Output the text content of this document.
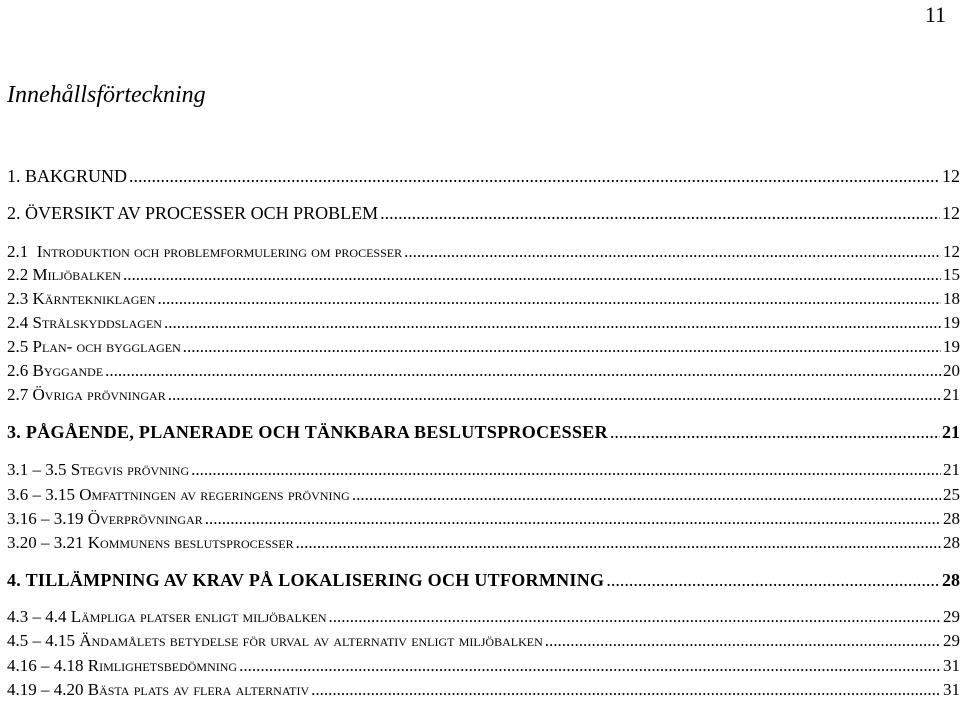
11
Innehållsförteckning
1. BAKGRUND .....	12
2. ÖVERSIKT AV PROCESSER OCH PROBLEM .....	12
2.1 Introduktion och problemformulering om processer .....	12
2.2 Miljöbalken .....	15
2.3 Kärntekniklagen .....	18
2.4 Strålskyddslagen .....	19
2.5 Plan- och bygglagen .....	19
2.6 Byggande .....	20
2.7 Övriga prövningar .....	21
3. PÅGÅENDE, PLANERADE OCH TÄNKBARA BESLUTSPROCESSER .....	21
3.1 – 3.5 Stegvis prövning .....	21
3.6 – 3.15 Omfattningen av regeringens prövning .....	25
3.16 – 3.19 Överprövningar .....	28
3.20 – 3.21 Kommunens beslutsprocesser .....	28
4. TILLÄMPNING AV KRAV PÅ LOKALISERING OCH UTFORMNING .....	28
4.3 – 4.4 Lämpliga platser enligt miljöbalken .....	29
4.5 – 4.15 Ändamålets betydelse för urval av alternativ enligt miljöbalken .....	29
4.16 – 4.18 Rimlighetsbedömning .....	31
4.19 – 4.20 Bästa plats av flera alternativ .....	31
